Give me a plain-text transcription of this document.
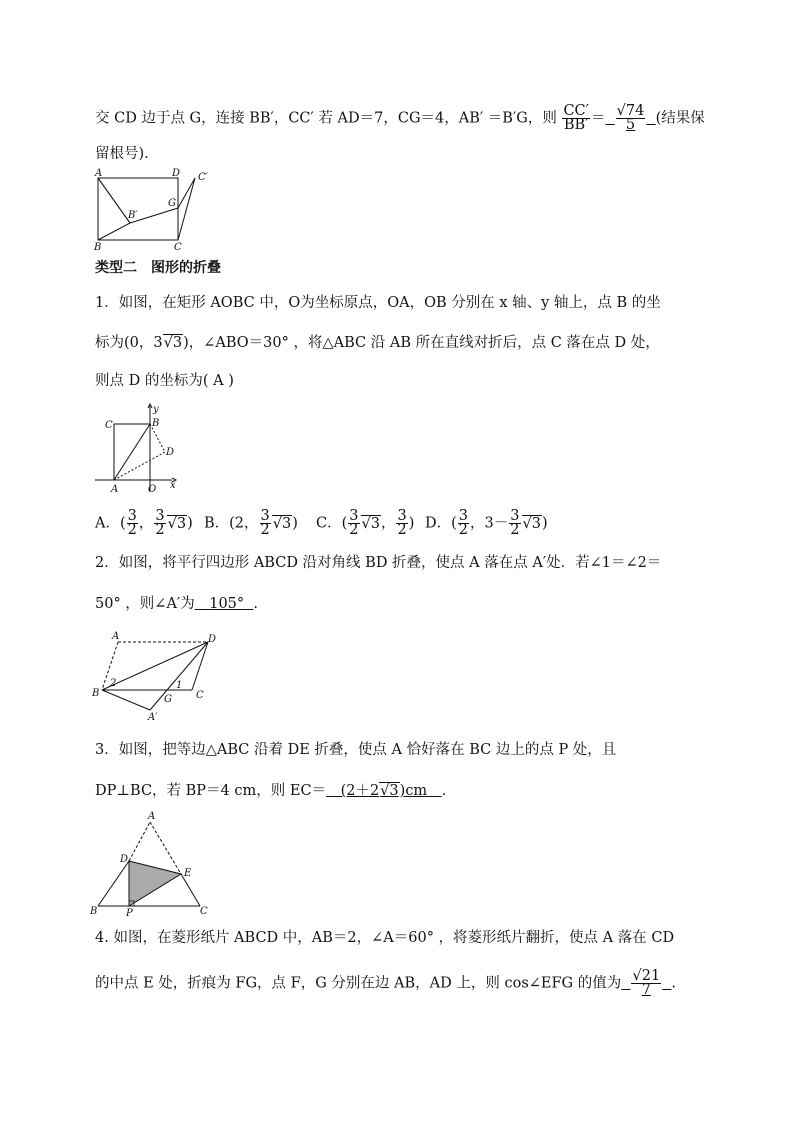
交 CD 边于点 G，连接 BB′，CC′ 若 AD＝7，CG＝4，AB′ ＝B′G，则 $\frac{CC'}{BB'}$ ＝  $\frac{√74}{5}$
  (结果保
留根号).
A	D C′
G
B′
B	C
类型二　图形的折叠
1．如图，在矩形 AOBC 中，O为坐标原点，OA，OB 分别在 x 轴、y 轴上，点 B 的坐
标为(0，3√3)，∠ABO＝30° ，将△ABC 沿 AB 所在直线对折后，点 C 落在点 D 处，
则点 D 的坐标为( A )
C	B
y
D
A	O x
A．( $\frac{3}{2}$ ， $\frac{3}{2} √3$) B．(2， $\frac{3}{2} √3$) C．( $\frac{3}{2} √3$， $\frac{3}{2}$ ) D．( $\frac{3}{2}$ ，$3- \frac{3}{2} √3$)
2．如图，将平行四边形 ABCD 沿对角线 BD 折叠，使点 A 落在点 A′处．若∠1＝∠2＝
50° ，则∠A′为  105°  .
A	D
B
2	1
G C
A′
3．如图，把等边△ABC 沿着 DE 折叠，使点 A 恰好落在 BC 边上的点 P 处，且
DP⊥BC，若 BP＝4 cm，则 EC＝  (2＋2√3)cm  .
A
D
E
B	P	C
4. 如图，在菱形纸片 ABCD 中，AB＝2，∠A＝60° ，将菱形纸片翻折，使点 A 落在 CD
的中点 E 处，折痕为 FG，点 F，G 分别在边 AB，AD 上，则 cos∠EFG 的值为  $\frac{√21}{7}$
  .
